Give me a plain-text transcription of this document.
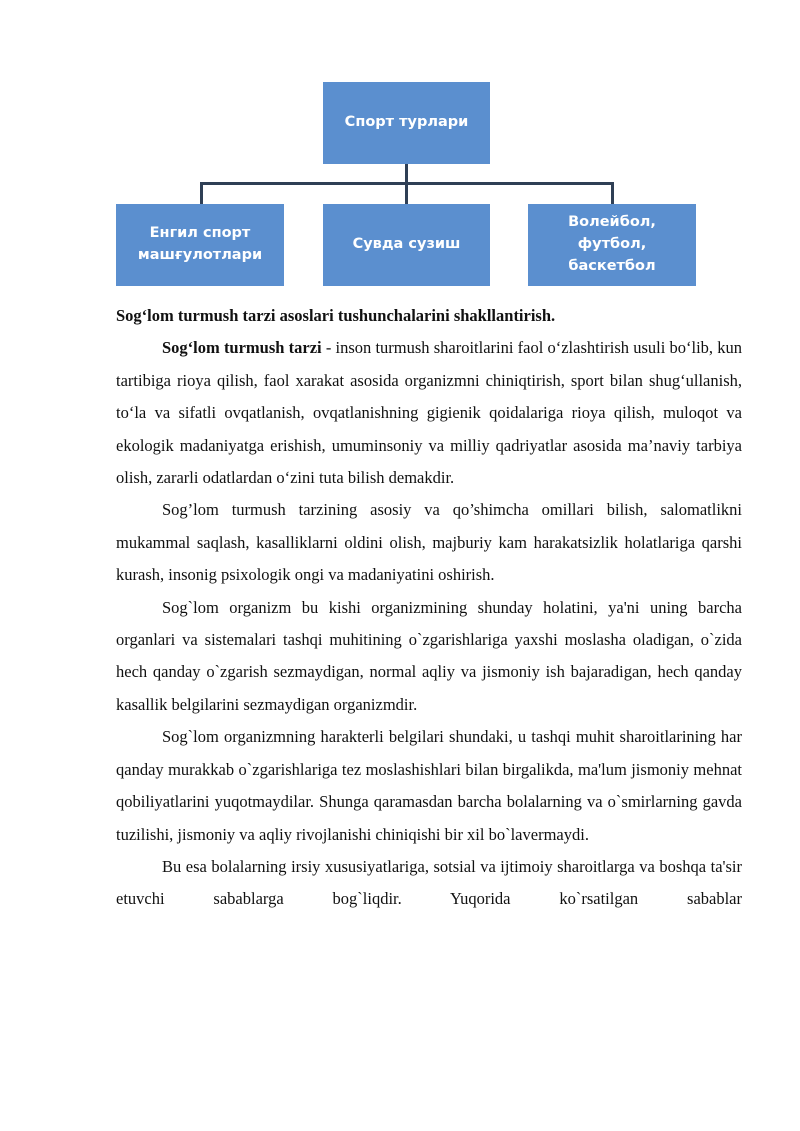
Спорт турлари
Енгил спорт
машғулотлари
Сувда сузиш
Волейбол,
футбол,
баскетбол

Sog‘lom turmush tarzi asoslari tushunchalarini shakllantirish.

Sog‘lom turmush tarzi - inson turmush sharoitlarini faol o‘zlashtirish usuli bo‘lib, kun tartibiga rioya qilish, faol xarakat asosida organizmni chiniqtirish, sport bilan shug‘ullanish, to‘la va sifatli ovqatlanish, ovqatlanishning gigienik qoidalariga rioya qilish, muloqot va ekologik madaniyatga erishish, umuminsoniy va milliy qadriyatlar asosida ma’naviy tarbiya olish, zararli odatlardan o‘zini tuta bilish demakdir.

Sog’lom turmush tarzining asosiy va qo’shimcha omillari bilish, salomatlikni mukammal saqlash, kasalliklarni oldini olish, majburiy kam harakatsizlik holatlariga qarshi kurash, insonig psixologik ongi va madaniyatini oshirish.

Sog`lom organizm bu kishi organizmining shunday holatini, ya'ni uning barcha organlari va sistemalari tashqi muhitining o`zgarishlariga yaxshi moslasha oladigan, o`zida hech qanday o`zgarish sezmaydigan, normal aqliy va jismoniy ish bajaradigan, hech qanday kasallik belgilarini sezmaydigan organizmdir.

Sog`lom organizmning harakterli belgilari shundaki, u tashqi muhit sharoitlarining har qanday murakkab o`zgarishlariga tez moslashishlari bilan birgalikda, ma'lum jismoniy mehnat qobiliyatlarini yuqotmaydilar. Shunga qaramasdan barcha bolalarning va o`smirlarning gavda tuzilishi, jismoniy va aqliy rivojlanishi chiniqishi bir xil bo`lavermaydi.

Bu esa bolalarning irsiy xususiyatlariga, sotsial va ijtimoiy sharoitlarga va boshqa ta'sir etuvchi sabablarga bog`liqdir. Yuqorida ko`rsatilgan sabablar
